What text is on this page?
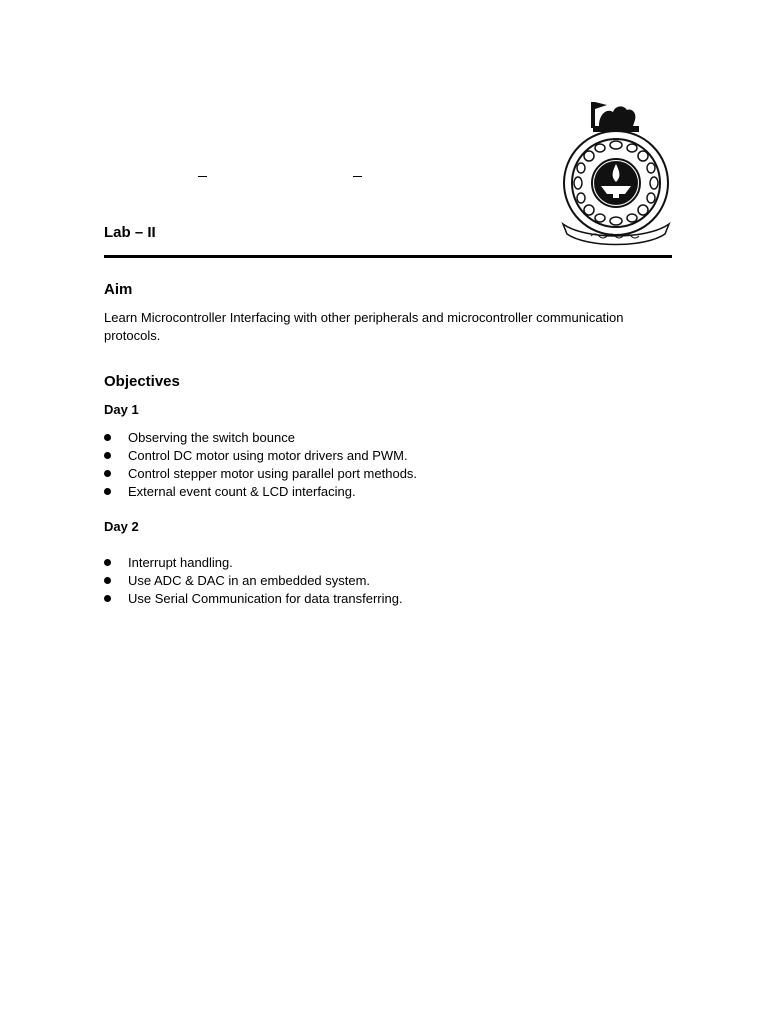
Lab – II
Aim

Learn Microcontroller Interfacing with other peripherals and microcontroller communication protocols.

Objectives
Day 1
Observing the switch bounce
Control DC motor using motor drivers and PWM.
Control stepper motor using parallel port methods.
External event count & LCD interfacing.
Day 2
Interrupt handling.
Use ADC & DAC in an embedded system.
Use Serial Communication for data transferring.
